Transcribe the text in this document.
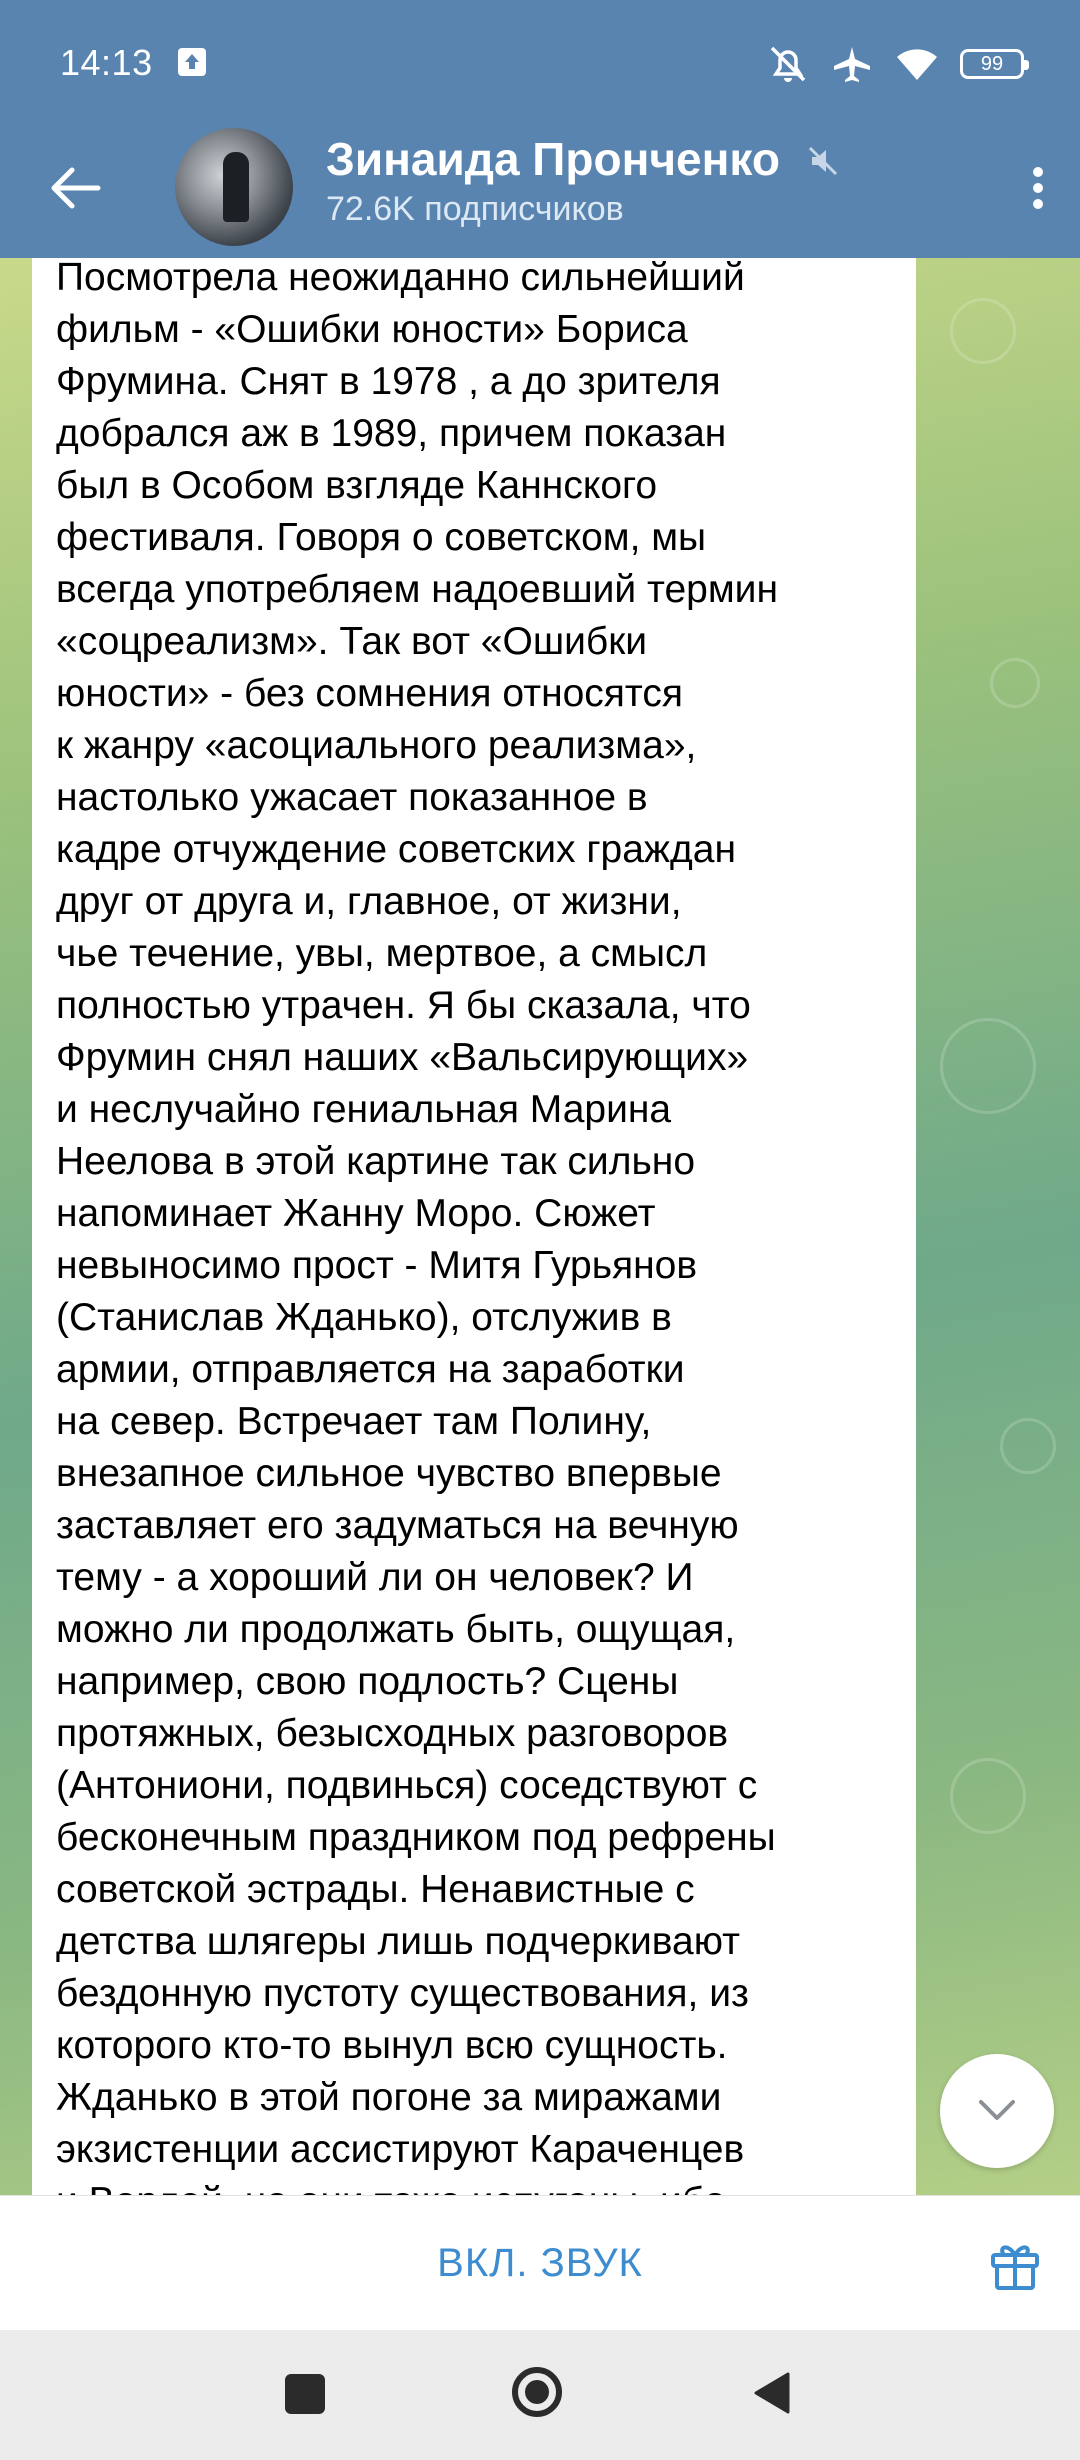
14:13	99
Зинаида Пронченко
72.6K подписчиков
Посмотрела неожиданно сильнейший
фильм - «Ошибки юности» Бориса
Фрумина. Снят в 1978 , а до зрителя
добрался аж в 1989, причем показан
был в Особом взгляде Каннского
фестиваля. Говоря о советском, мы
всегда употребляем надоевший термин
«соцреализм». Так вот «Ошибки
юности» - без сомнения относятся
к жанру «асоциального реализма»,
настолько ужасает показанное в
кадре отчуждение советских граждан
друг от друга и, главное, от жизни,
чье течение, увы, мертвое, а смысл
полностью утрачен. Я бы сказала, что
Фрумин снял наших «Вальсирующих»
и неслучайно гениальная Марина
Неелова в этой картине так сильно
напоминает Жанну Моро. Сюжет
невыносимо прост - Митя Гурьянов
(Станислав Жданько), отслужив в
армии, отправляется на заработки
на север. Встречает там Полину,
внезапное сильное чувство впервые
заставляет его задуматься на вечную
тему - а хороший ли он человек? И
можно ли продолжать быть, ощущая,
например, свою подлость? Сцены
протяжных, безысходных разговоров
(Антониони, подвинься) соседствуют с
бесконечным праздником под рефрены
советской эстрады. Ненавистные с
детства шлягеры лишь подчеркивают
бездонную пустоту существования, из
которого кто-то вынул всю сущность.
Жданько в этой погоне за миражами
экзистенции ассистируют Караченцев

ВКЛ. ЗВУК
